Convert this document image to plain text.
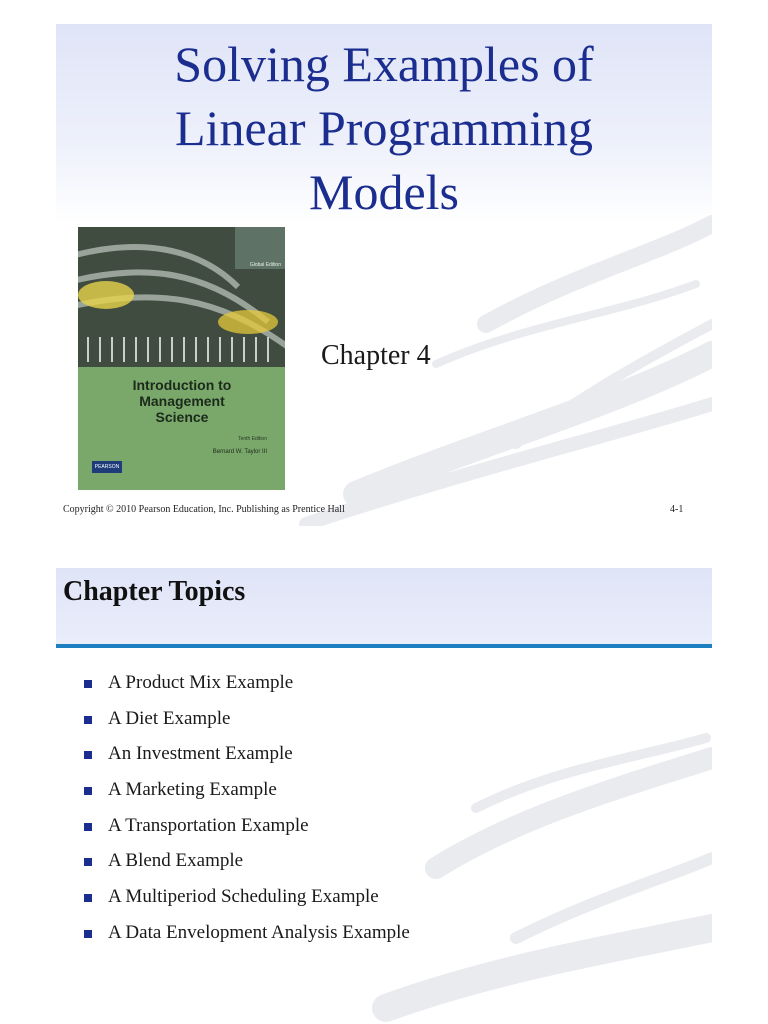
Solving Examples of
Linear Programming
Models
Global Edition
Introduction to
Management
Science
Tenth Edition
Bernard W. Taylor III
PEARSON
Chapter 4
Copyright © 2010 Pearson Education, Inc. Publishing as Prentice Hall	4-1
Chapter Topics
A Product Mix Example
A Diet Example
An Investment Example
A Marketing Example
A Transportation Example
A Blend Example
A Multiperiod Scheduling Example
A Data Envelopment Analysis Example
